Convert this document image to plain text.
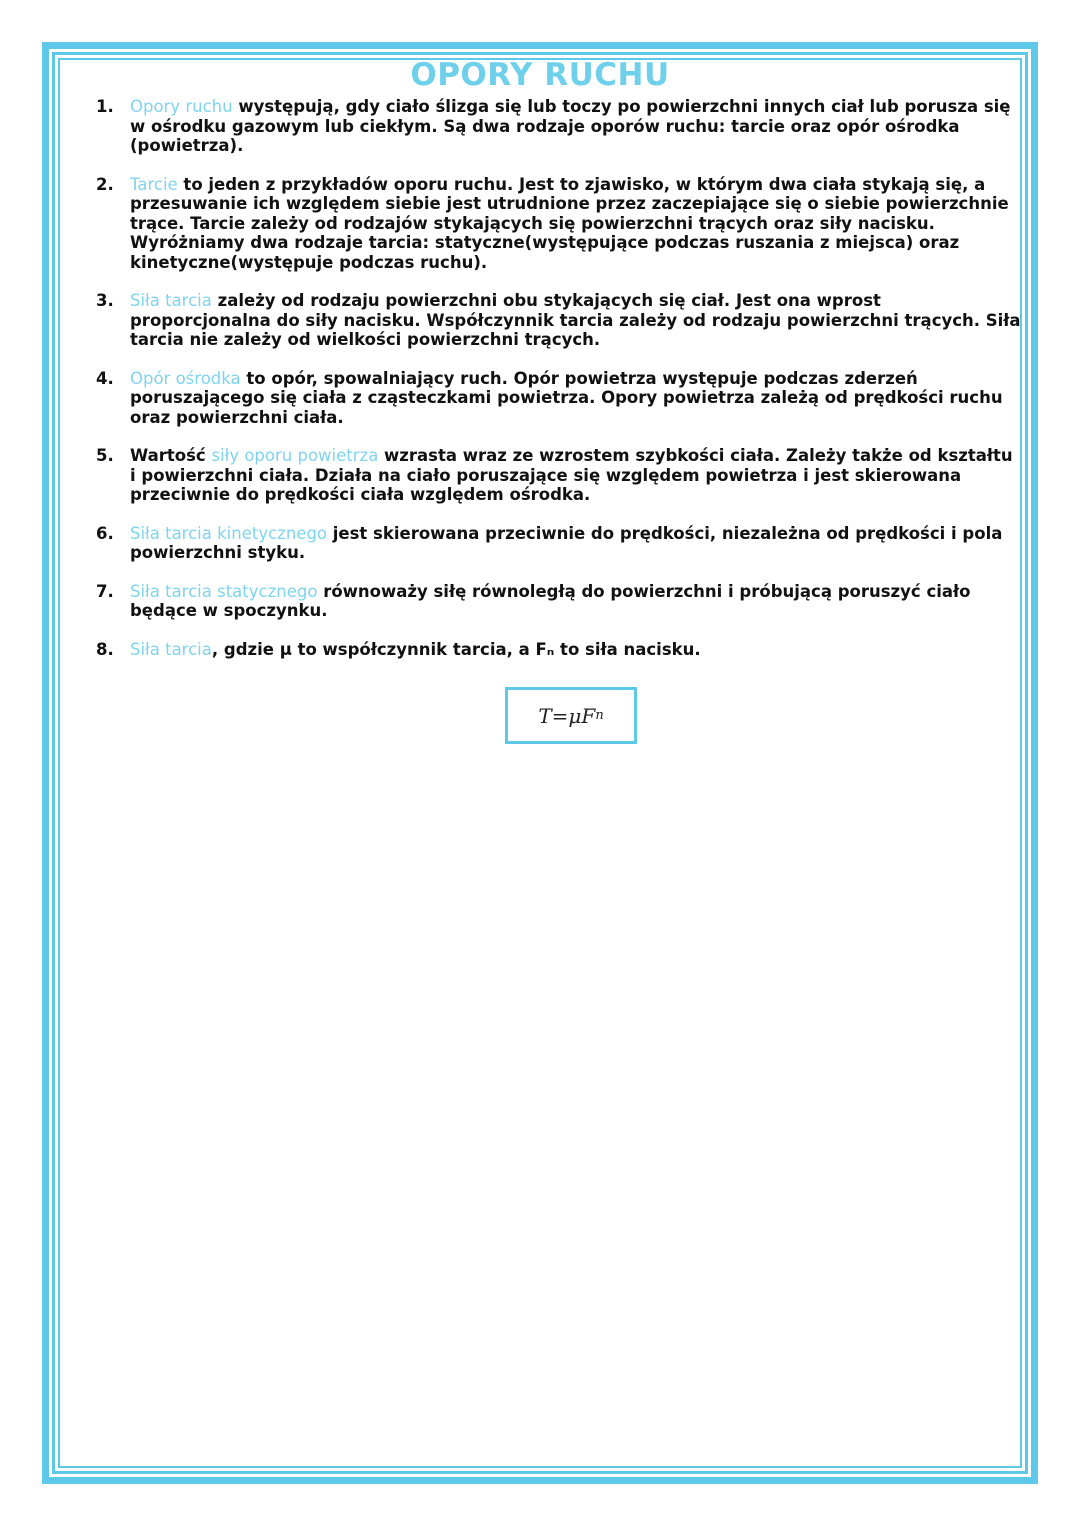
OPORY RUCHU
1. Opory ruchu występują, gdy ciało ślizga się lub toczy po powierzchni innych ciał lub porusza się w ośrodku gazowym lub ciekłym. Są dwa rodzaje oporów ruchu: tarcie oraz opór ośrodka (powietrza).
2. Tarcie to jeden z przykładów oporu ruchu. Jest to zjawisko, w którym dwa ciała stykają się, a przesuwanie ich względem siebie jest utrudnione przez zaczepiające się o siebie powierzchnie trące. Tarcie zależy od rodzajów stykających się powierzchni trących oraz siły nacisku. Wyróżniamy dwa rodzaje tarcia: statyczne(występujące podczas ruszania z miejsca) oraz kinetyczne(występuje podczas ruchu).
3. Siła tarcia zależy od rodzaju powierzchni obu stykających się ciał. Jest ona wprost proporcjonalna do siły nacisku. Współczynnik tarcia zależy od rodzaju powierzchni trących. Siła tarcia nie zależy od wielkości powierzchni trących.
4. Opór ośrodka to opór, spowalniający ruch. Opór powietrza występuje podczas zderzeń poruszającego się ciała z cząsteczkami powietrza. Opory powietrza zależą od prędkości ruchu oraz powierzchni ciała.
5. Wartość siły oporu powietrza wzrasta wraz ze wzrostem szybkości ciała. Zależy także od kształtu i powierzchni ciała. Działa na ciało poruszające się względem powietrza i jest skierowana przeciwnie do prędkości ciała względem ośrodka.
6. Siła tarcia kinetycznego jest skierowana przeciwnie do prędkości, niezależna od prędkości i pola powierzchni styku.
7. Siła tarcia statycznego równoważy siłę równoległą do powierzchni i próbującą poruszyć ciało będące w spoczynku.
8. Siła tarcia, gdzie μ to współczynnik tarcia, a Fₙ to siła nacisku.
T = μ F n
